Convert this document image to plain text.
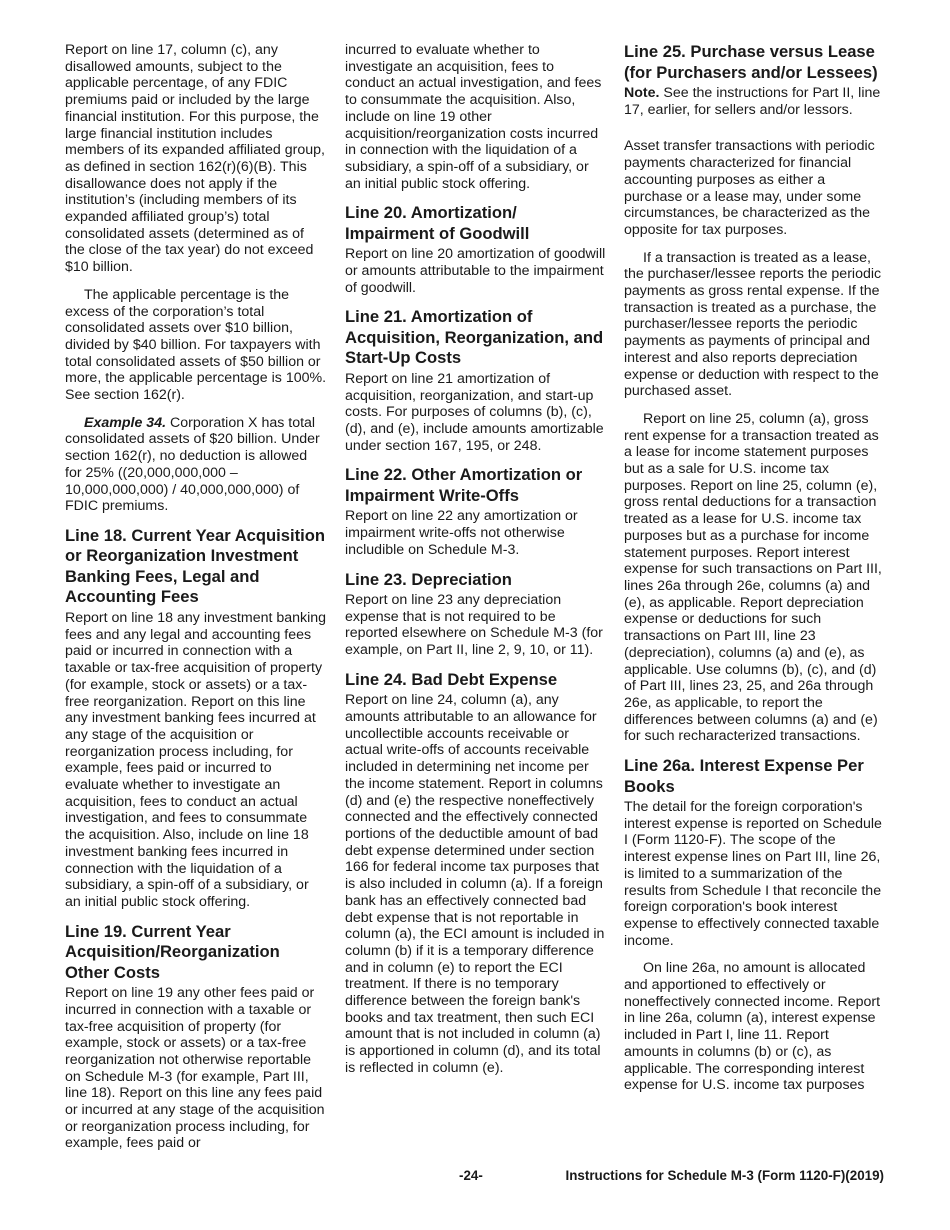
Report on line 17, column (c), any disallowed amounts, subject to the applicable percentage, of any FDIC premiums paid or included by the large financial institution. For this purpose, the large financial institution includes members of its expanded affiliated group, as defined in section 162(r)(6)(B). This disallowance does not apply if the institution’s (including members of its expanded affiliated group’s) total consolidated assets (determined as of the close of the tax year) do not exceed $10 billion.

The applicable percentage is the excess of the corporation’s total consolidated assets over $10 billion, divided by $40 billion. For taxpayers with total consolidated assets of $50 billion or more, the applicable percentage is 100%. See section 162(r).

Example 34. Corporation X has total consolidated assets of $20 billion. Under section 162(r), no deduction is allowed for 25% ((20,000,000,000 – 10,000,000,000) / 40,000,000,000) of FDIC premiums.

Line 18. Current Year Acquisition or Reorganization Investment Banking Fees, Legal and Accounting Fees

Report on line 18 any investment banking fees and any legal and accounting fees paid or incurred in connection with a taxable or tax-free acquisition of property (for example, stock or assets) or a tax-free reorganization. Report on this line any investment banking fees incurred at any stage of the acquisition or reorganization process including, for example, fees paid or incurred to evaluate whether to investigate an acquisition, fees to conduct an actual investigation, and fees to consummate the acquisition. Also, include on line 18 investment banking fees incurred in connection with the liquidation of a subsidiary, a spin-off of a subsidiary, or an initial public stock offering.

Line 19. Current Year Acquisition/Reorganization Other Costs

Report on line 19 any other fees paid or incurred in connection with a taxable or tax-free acquisition of property (for example, stock or assets) or a tax-free reorganization not otherwise reportable on Schedule M-3 (for example, Part III, line 18). Report on this line any fees paid or incurred at any stage of the acquisition or reorganization process including, for example, fees paid or

incurred to evaluate whether to investigate an acquisition, fees to conduct an actual investigation, and fees to consummate the acquisition. Also, include on line 19 other acquisition/reorganization costs incurred in connection with the liquidation of a subsidiary, a spin-off of a subsidiary, or an initial public stock offering.

Line 20. Amortization/ Impairment of Goodwill

Report on line 20 amortization of goodwill or amounts attributable to the impairment of goodwill.

Line 21. Amortization of Acquisition, Reorganization, and Start-Up Costs

Report on line 21 amortization of acquisition, reorganization, and start-up costs. For purposes of columns (b), (c), (d), and (e), include amounts amortizable under section 167, 195, or 248.

Line 22. Other Amortization or Impairment Write-Offs

Report on line 22 any amortization or impairment write-offs not otherwise includible on Schedule M-3.

Line 23. Depreciation

Report on line 23 any depreciation expense that is not required to be reported elsewhere on Schedule M-3 (for example, on Part II, line 2, 9, 10, or 11).

Line 24. Bad Debt Expense

Report on line 24, column (a), any amounts attributable to an allowance for uncollectible accounts receivable or actual write-offs of accounts receivable included in determining net income per the income statement. Report in columns (d) and (e) the respective noneffectively connected and the effectively connected portions of the deductible amount of bad debt expense determined under section 166 for federal income tax purposes that is also included in column (a). If a foreign bank has an effectively connected bad debt expense that is not reportable in column (a), the ECI amount is included in column (b) if it is a temporary difference and in column (e) to report the ECI treatment. If there is no temporary difference between the foreign bank's books and tax treatment, then such ECI amount that is not included in column (a) is apportioned in column (d), and its total is reflected in column (e).

Line 25. Purchase versus Lease (for Purchasers and/or Lessees)

Note. See the instructions for Part II, line 17, earlier, for sellers and/or lessors.

Asset transfer transactions with periodic payments characterized for financial accounting purposes as either a purchase or a lease may, under some circumstances, be characterized as the opposite for tax purposes.

If a transaction is treated as a lease, the purchaser/lessee reports the periodic payments as gross rental expense. If the transaction is treated as a purchase, the purchaser/lessee reports the periodic payments as payments of principal and interest and also reports depreciation expense or deduction with respect to the purchased asset.

Report on line 25, column (a), gross rent expense for a transaction treated as a lease for income statement purposes but as a sale for U.S. income tax purposes. Report on line 25, column (e), gross rental deductions for a transaction treated as a lease for U.S. income tax purposes but as a purchase for income statement purposes. Report interest expense for such transactions on Part III, lines 26a through 26e, columns (a) and (e), as applicable. Report depreciation expense or deductions for such transactions on Part III, line 23 (depreciation), columns (a) and (e), as applicable. Use columns (b), (c), and (d) of Part III, lines 23, 25, and 26a through 26e, as applicable, to report the differences between columns (a) and (e) for such recharacterized transactions.

Line 26a. Interest Expense Per Books

The detail for the foreign corporation's interest expense is reported on Schedule I (Form 1120-F). The scope of the interest expense lines on Part III, line 26, is limited to a summarization of the results from Schedule I that reconcile the foreign corporation's book interest expense to effectively connected taxable income.

On line 26a, no amount is allocated and apportioned to effectively or noneffectively connected income. Report in line 26a, column (a), interest expense included in Part I, line 11. Report amounts in columns (b) or (c), as applicable. The corresponding interest expense for U.S. income tax purposes

-24-	Instructions for Schedule M-3 (Form 1120-F)(2019)
